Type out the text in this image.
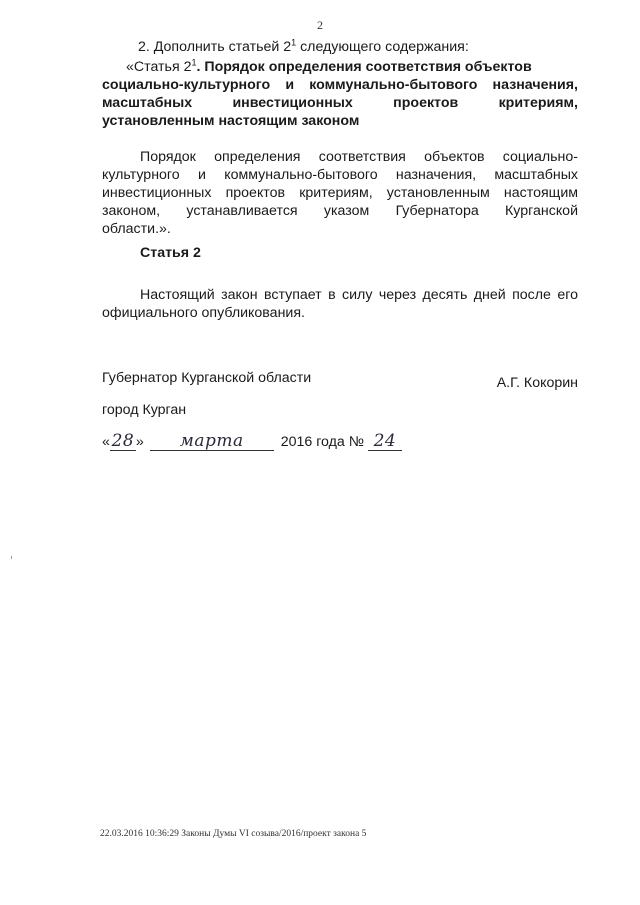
2
2. Дополнить статьей $2^1$ следующего содержания:
«Статья $2^1$. Порядок определения соответствия объектов
социально-культурного и коммунально-бытового назначения,
масштабных инвестиционных проектов критериям,
установленным настоящим законом
Порядок определения соответствия объектов социально-
культурного и коммунально-бытового назначения, масштабных
инвестиционных проектов критериям, установленным настоящим
законом, устанавливается указом Губернатора Курганской
области.».
Статья 2
Настоящий закон вступает в силу через десять дней после его
официального опубликования.
Губернатор Курганской области	А.Г. Кокорин
город Курган
«28 » марта	2016 года № 24
22.03.2016 10:36:29 Законы Думы VI созыва/2016/проект закона 5
